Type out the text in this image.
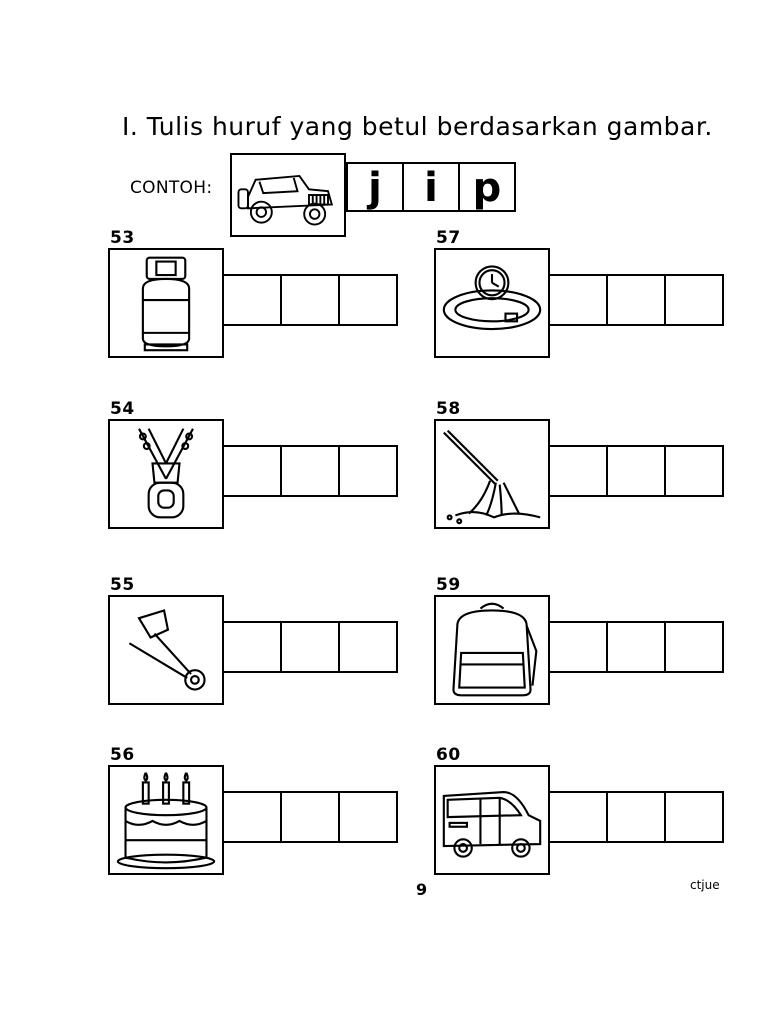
I. Tulis huruf yang betul berdasarkan gambar.
CONTOH:	j	i p
53	57
54	58
55	59
56	60
9	ctjue
